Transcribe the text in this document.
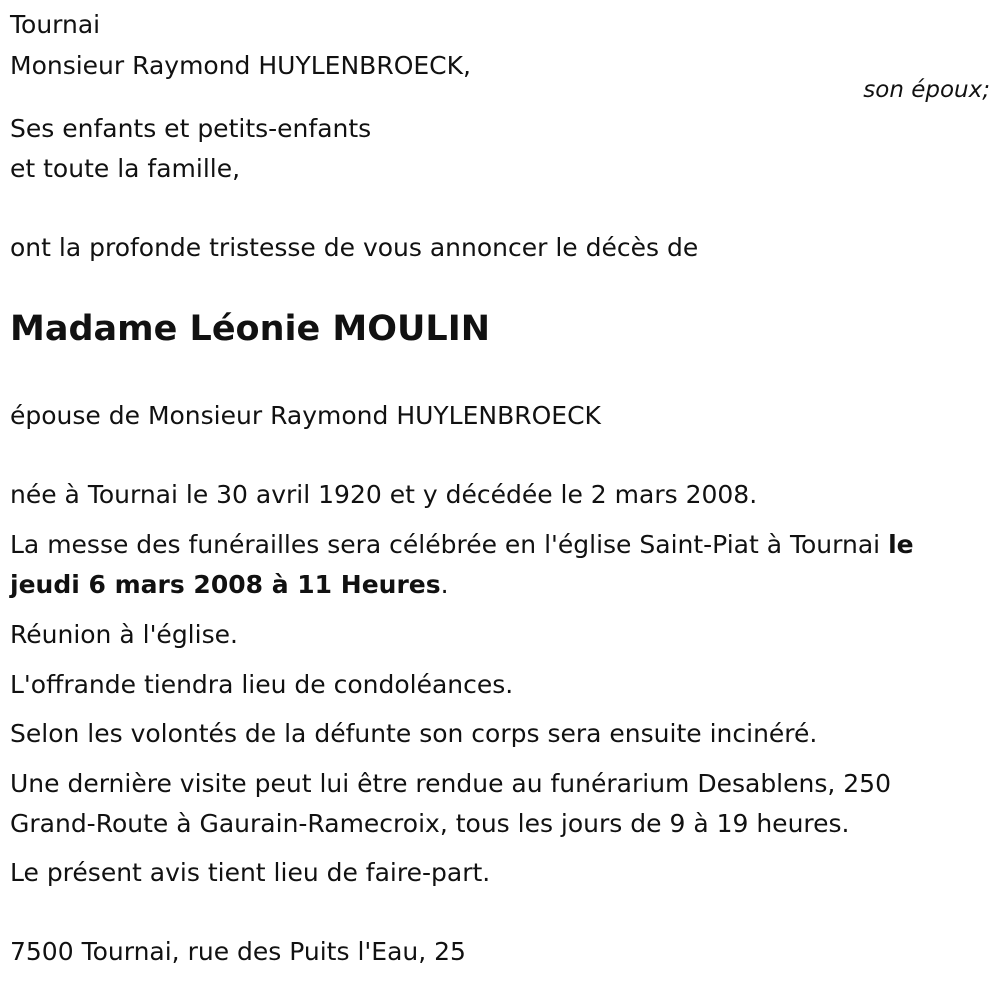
Tournai
Monsieur Raymond HUYLENBROECK,
son époux;
Ses enfants et petits-enfants
et toute la famille,
ont la profonde tristesse de vous annoncer le décès de
Madame Léonie MOULIN
épouse de Monsieur Raymond HUYLENBROECK
née à Tournai le 30 avril 1920 et y décédée le 2 mars 2008.
La messe des funérailles sera célébrée en l'église Saint-Piat à Tournai le
jeudi 6 mars 2008 à 11 Heures.
Réunion à l'église.
L'offrande tiendra lieu de condoléances.
Selon les volontés de la défunte son corps sera ensuite incinéré.
Une dernière visite peut lui être rendue au funérarium Desablens, 250
Grand-Route à Gaurain-Ramecroix, tous les jours de 9 à 19 heures.
Le présent avis tient lieu de faire-part.
7500 Tournai, rue des Puits l'Eau, 25
